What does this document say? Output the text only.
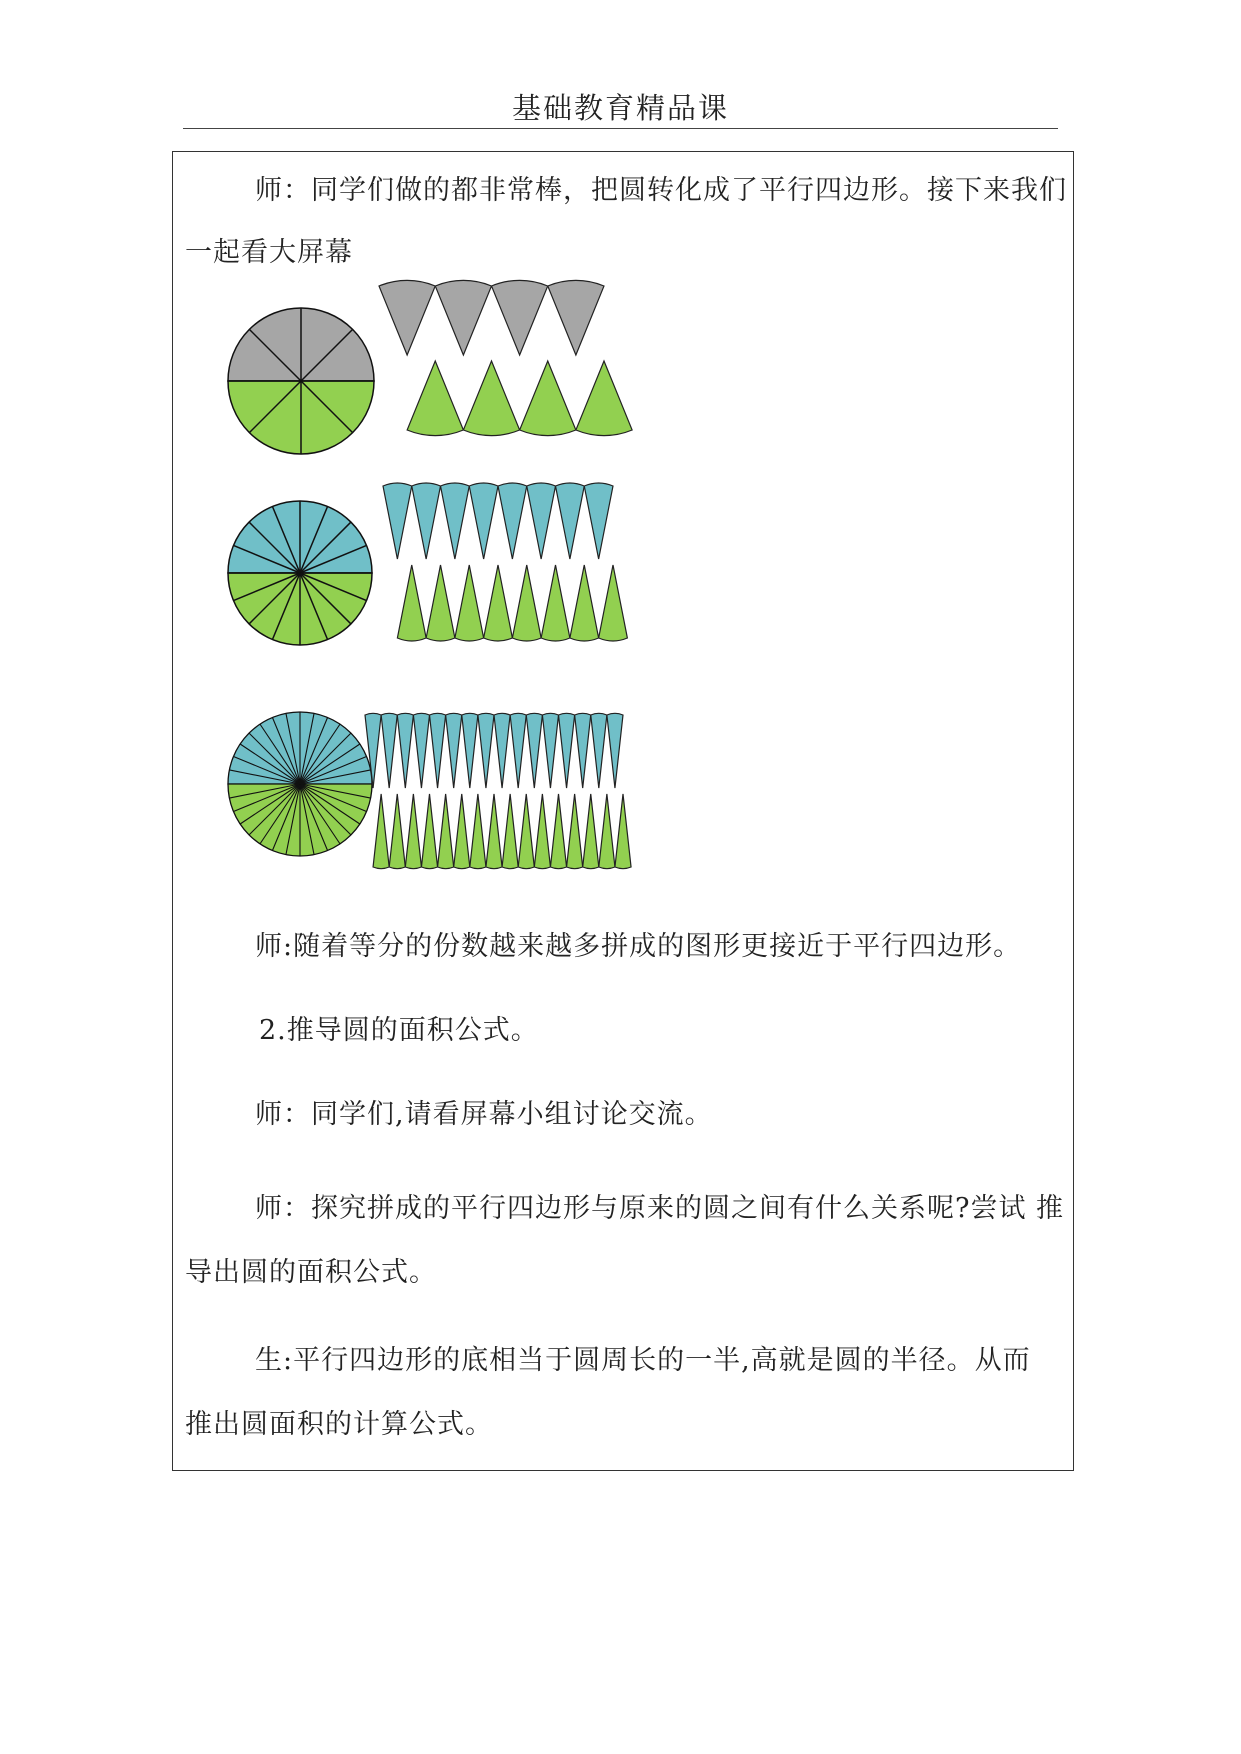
基础教育精品课
师：同学们做的都非常棒，把圆转化成了平行四边形。接下来我们
一起看大屏幕
师:随着等分的份数越来越多拼成的图形更接近于平行四边形。
2.推导圆的面积公式。
师：同学们,请看屏幕小组讨论交流。
师：探究拼成的平行四边形与原来的圆之间有什么关系呢?尝试 推
导出圆的面积公式。
生:平行四边形的底相当于圆周长的一半,高就是圆的半径。从而
推出圆面积的计算公式。
